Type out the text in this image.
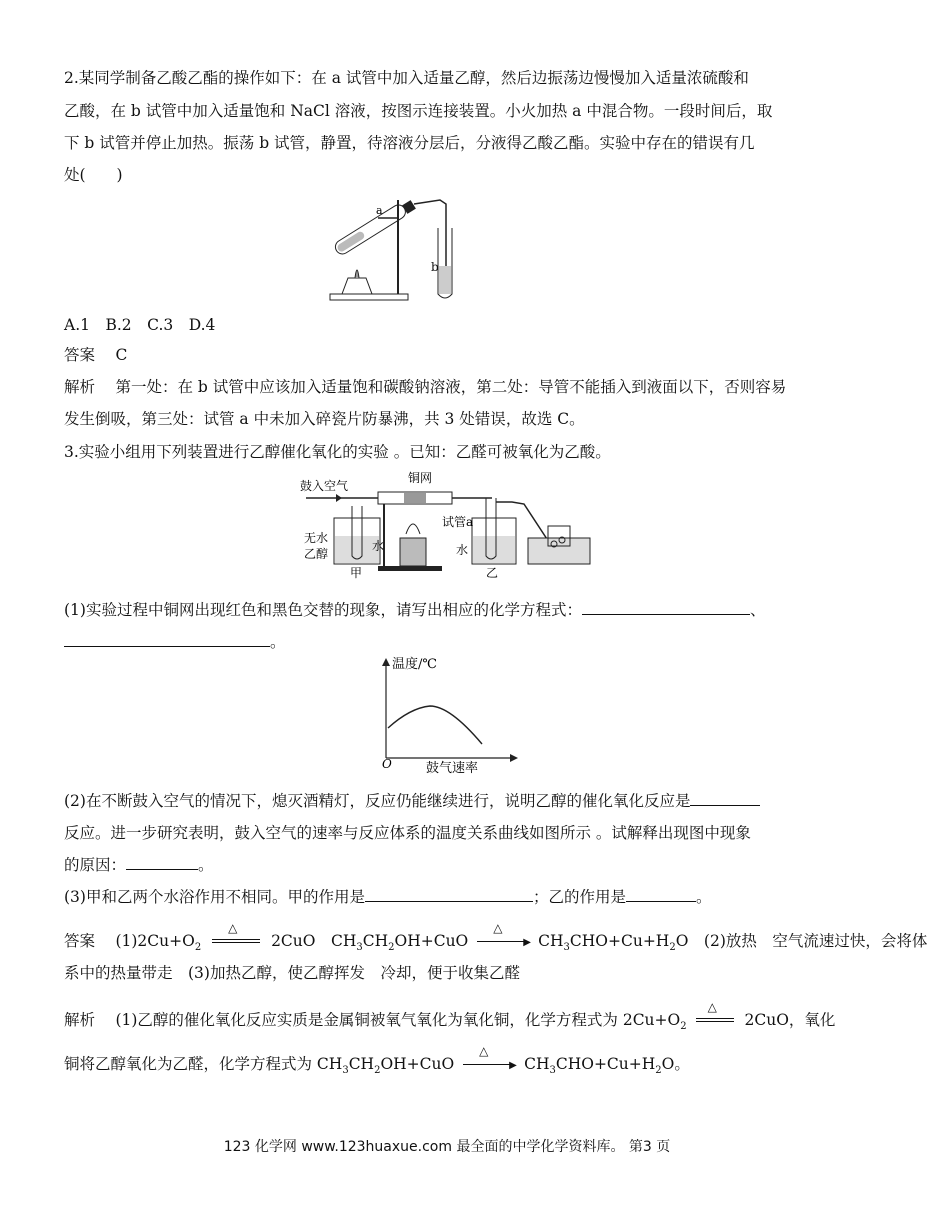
2.某同学制备乙酸乙酯的操作如下：在 a 试管中加入适量乙醇，然后边振荡边慢慢加入适量浓硫酸和
乙酸，在 b 试管中加入适量饱和 NaCl 溶液，按图示连接装置。小火加热 a 中混合物。一段时间后，取
下 b 试管并停止加热。振荡 b 试管，静置，待溶液分层后，分液得乙酸乙酯。实验中存在的错误有几
处(　　)
a
b
A.1　B.2　C.3　D.4
答案　 C
解析　 第一处：在 b 试管中应该加入适量饱和碳酸钠溶液，第二处：导管不能插入到液面以下，否则容易
发生倒吸，第三处：试管 a 中未加入碎瓷片防暴沸，共 3 处错误，故选 C。
3.实验小组用下列装置进行乙醇催化氧化的实验 。已知：乙醛可被氧化为乙酸。
鼓入空气
铜网
无水
乙醇
水
甲
试管a
水
乙
(1)实验过程中铜网出现红色和黑色交替的现象，请写出相应的化学方程式：	、
。
温度/℃
鼓气速率
O
(2)在不断鼓入空气的情况下，熄灭酒精灯，反应仍能继续进行，说明乙醇的催化氧化反应是
反应。进一步研究表明，鼓入空气的速率与反应体系的温度关系曲线如图所示 。试解释出现图中现象
的原因：	。
(3)甲和乙两个水浴作用不相同。甲的作用是	；乙的作用是	。
答案　 $(1)2Cu+O_2$
△
2CuO　$CH_3CH_2OH+CuO$
△
▶ $CH_3CHO+Cu+H_2O$　(2)放热　空气流速过快，会将体
系中的热量带走　(3)加热乙醇，使乙醇挥发　冷却，便于收集乙醛
解析　 (1)乙醇的催化氧化反应实质是金属铜被氧气氧化为氧化铜，化学方程式为 $2Cu+O_2$
△
2CuO，氧化
铜将乙醇氧化为乙醛，化学方程式为 $CH_3CH_2OH+CuO$
△
▶ $CH_3CHO+Cu+H_2O$。
123 化学网 www.123huaxue.com 最全面的中学化学资料库。 第3 页
